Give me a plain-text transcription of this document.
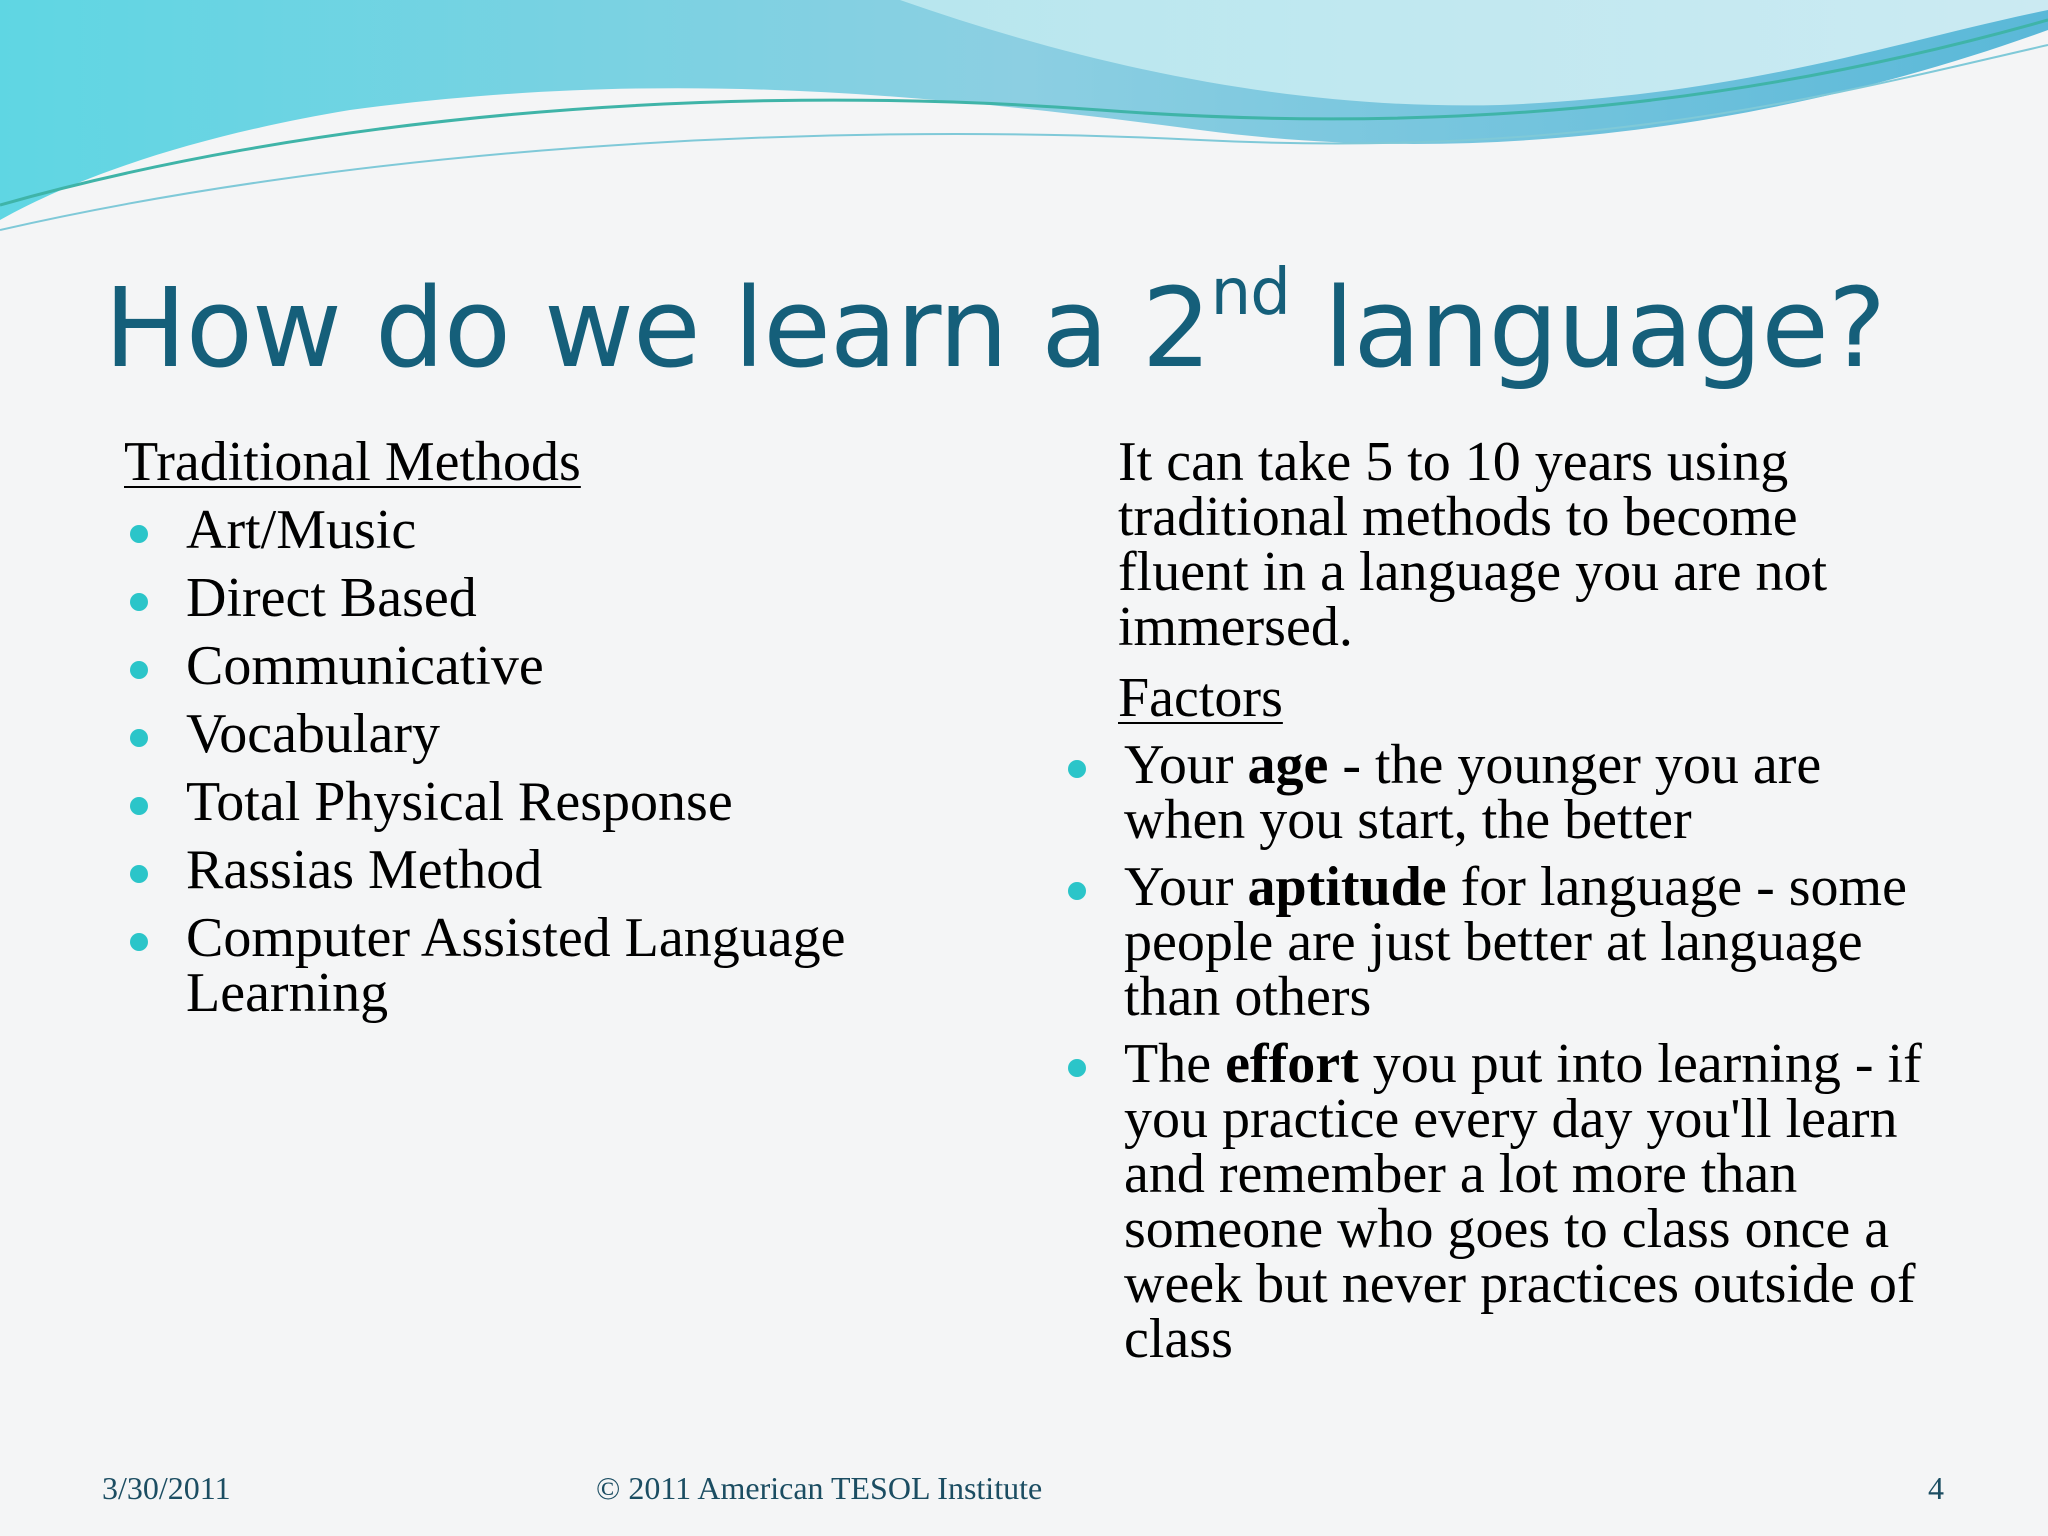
How do we learn a 2nd language?

Traditional Methods

Art/Music
Direct Based
Communicative
Vocabulary
Total Physical Response
Rassias Method
Computer Assisted Language Learning

It can take 5 to 10 years using traditional methods to become fluent in a language you are not immersed.

Factors

Your age - the younger you are when you start, the better
Your aptitude for language - some people are just better at language than others
The effort you put into learning - if you practice every day you'll learn and remember a lot more than someone who goes to class once a week but never practices outside of class
3/30/2011	© 2011 American TESOL Institute	4
